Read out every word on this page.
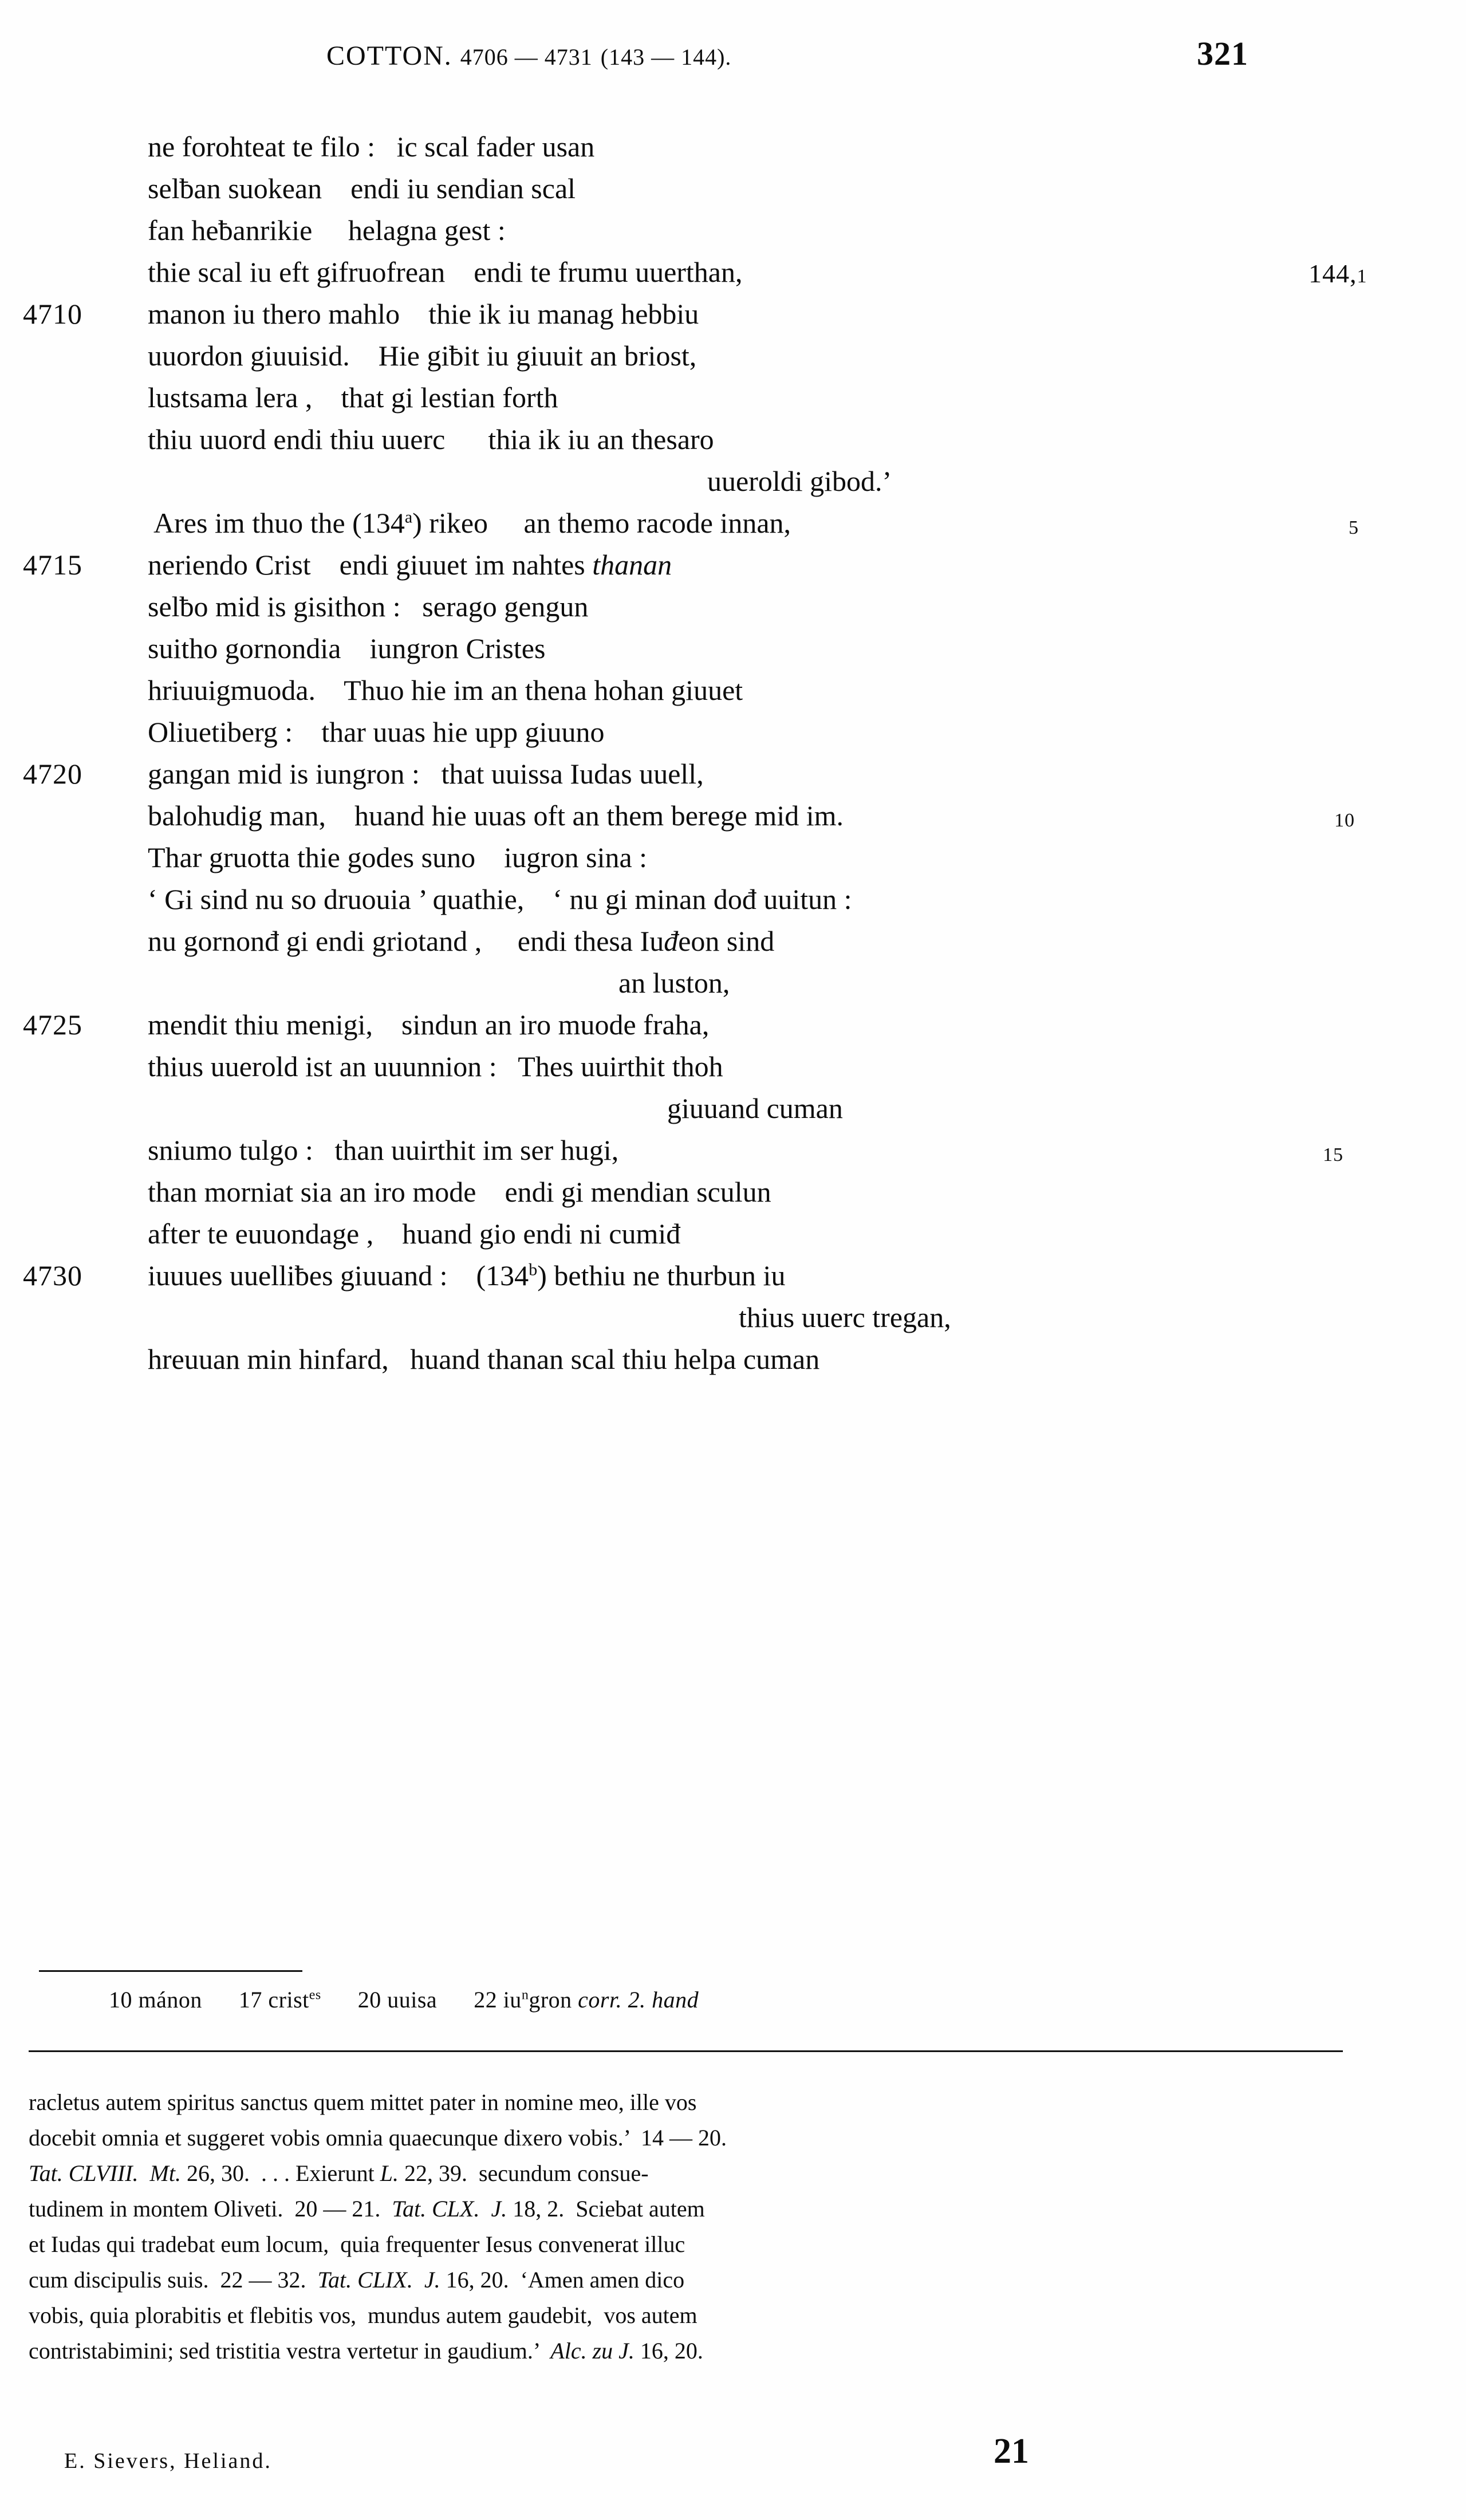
COTTON. 4706 — 4731 (143 — 144).	321
ne forohteat te filo :   ic scal fader usan
selƀan suokean    endi iu sendian scal
fan heƀanrikie     helagna gest :
thie scal iu eft gifruofrean    endi te frumu uuerthan,	144,1
4710	manon iu thero mahlo    thie ik iu manag hebbiu
uuordon giuuisid.    Hie giƀit iu giuuit an briost,
lustsama lera ,    that gi lestian forth
thiu uuord endi thiu uuerc      thia ik iu an thesaro
uueroldi gibod.’
Ares im thuo the (134$^a$) rikeo     an themo racode innan,	5
4715	neriendo Crist    endi giuuet im nahtes thanan
selƀo mid is gisithon :   serago gengun
suitho gornondia    iungron Cristes
hriuuigmuoda.    Thuo hie im an thena hohan giuuet
Oliuetiberg :    thar uuas hie upp giuuno
4720	gangan mid is iungron :   that uuissa Iudas uuell,
balohudig man,    huand hie uuas oft an them berege mid im.	10
Thar gruotta thie godes suno    iugron sina :
‘ Gi sind nu so druouia ’ quathie,    ‘ nu gi minan dođ uuitun :
nu gornonđ gi endi griotand ,     endi thesa Iuđeon sind
an luston,
4725	mendit thiu menigi,    sindun an iro muode fraha,
thius uuerold ist an uuunnion :   Thes uuirthit thoh
giuuand cuman
sniumo tulgo :   than uuirthit im ser hugi,	15
than morniat sia an iro mode    endi gi mendian sculun
after te euuondage ,    huand gio endi ni cumiđ
4730	iuuues uuelliƀes giuuand :    (134$^b$) bethiu ne thurbun iu
thius uuerc tregan,
hreuuan min hinfard,   huand thanan scal thiu helpa cuman
10 mánon 17 crist$^{es}$ 20 uuisa 22 $iu^ngron$ corr. 2. hand
racletus autem spiritus sanctus quem mittet pater in nomine meo, ille vos
docebit omnia et suggeret vobis omnia quaecunque dixero vobis.’  14 — 20.
Tat. CLVIII. Mt. 26, 30.  . . . Exierunt L. 22, 39.  secundum consue-
tudinem in montem Oliveti.  20 — 21.  Tat. CLX. J. 18, 2.  Sciebat autem
et Iudas qui tradebat eum locum,  quia frequenter Iesus convenerat illuc
cum discipulis suis.  22 — 32.  Tat. CLIX. J. 16, 20.  ‘Amen amen dico
vobis, quia plorabitis et flebitis vos,  mundus autem gaudebit,  vos autem
contristabimini; sed tristitia vestra vertetur in gaudium.’  Alc. zu J. 16, 20.
E. Sievers, Heliand.	21
